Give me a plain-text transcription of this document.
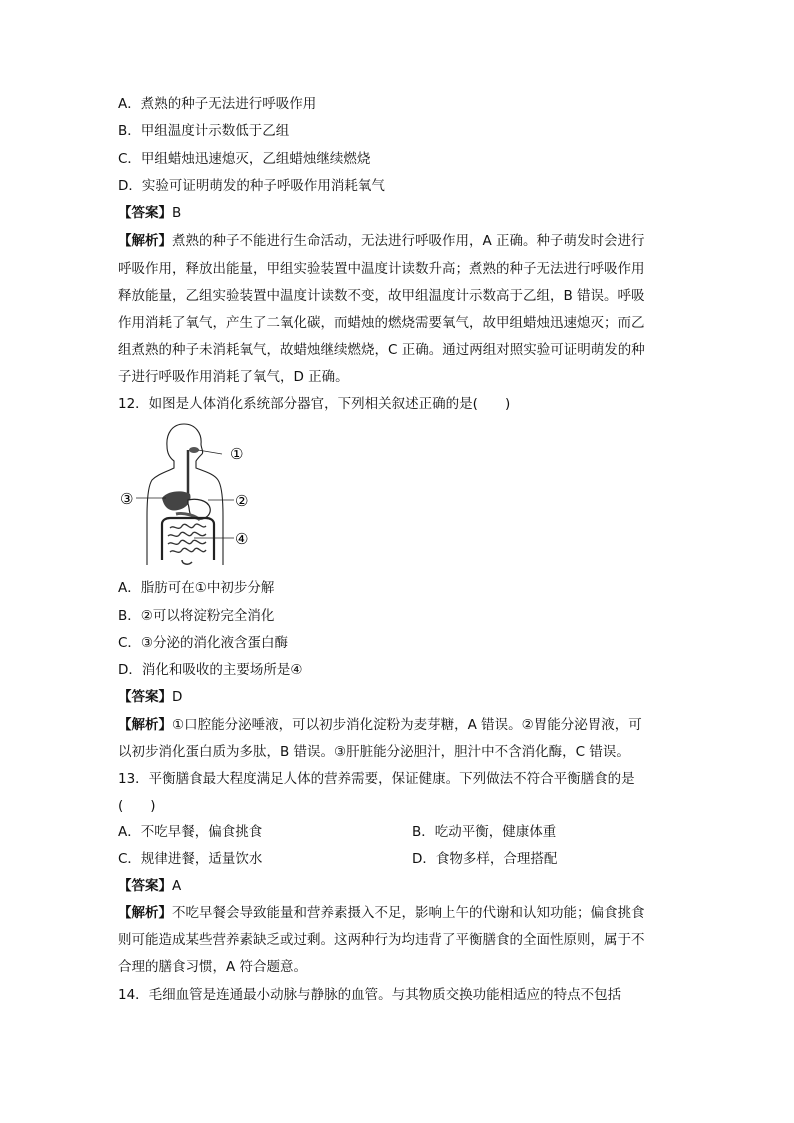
A．煮熟的种子无法进行呼吸作用
B．甲组温度计示数低于乙组
C．甲组蜡烛迅速熄灭，乙组蜡烛继续燃烧
D．实验可证明萌发的种子呼吸作用消耗氧气
【答案】B
【解析】煮熟的种子不能进行生命活动，无法进行呼吸作用，A 正确。种子萌发时会进行
呼吸作用，释放出能量，甲组实验装置中温度计读数升高；煮熟的种子无法进行呼吸作用
释放能量，乙组实验装置中温度计读数不变，故甲组温度计示数高于乙组，B 错误。呼吸
作用消耗了氧气，产生了二氧化碳，而蜡烛的燃烧需要氧气，故甲组蜡烛迅速熄灭；而乙
组煮熟的种子未消耗氧气，故蜡烛继续燃烧，C 正确。通过两组对照实验可证明萌发的种
子进行呼吸作用消耗了氧气，D 正确。
12．如图是人体消化系统部分器官，下列相关叙述正确的是(　　)
①
②
③
④
A．脂肪可在①中初步分解
B．②可以将淀粉完全消化
C．③分泌的消化液含蛋白酶
D．消化和吸收的主要场所是④
【答案】D
【解析】①口腔能分泌唾液，可以初步消化淀粉为麦芽糖，A 错误。②胃能分泌胃液，可
以初步消化蛋白质为多肽，B 错误。③肝脏能分泌胆汁，胆汁中不含消化酶，C 错误。
13．平衡膳食最大程度满足人体的营养需要，保证健康。下列做法不符合平衡膳食的是
(　　)
A．不吃早餐，偏食挑食	B．吃动平衡，健康体重
C．规律进餐，适量饮水	D．食物多样，合理搭配
【答案】A
【解析】不吃早餐会导致能量和营养素摄入不足，影响上午的代谢和认知功能；偏食挑食
则可能造成某些营养素缺乏或过剩。这两种行为均违背了平衡膳食的全面性原则，属于不
合理的膳食习惯，A 符合题意。
14．毛细血管是连通最小动脉与静脉的血管。与其物质交换功能相适应的特点不包括
